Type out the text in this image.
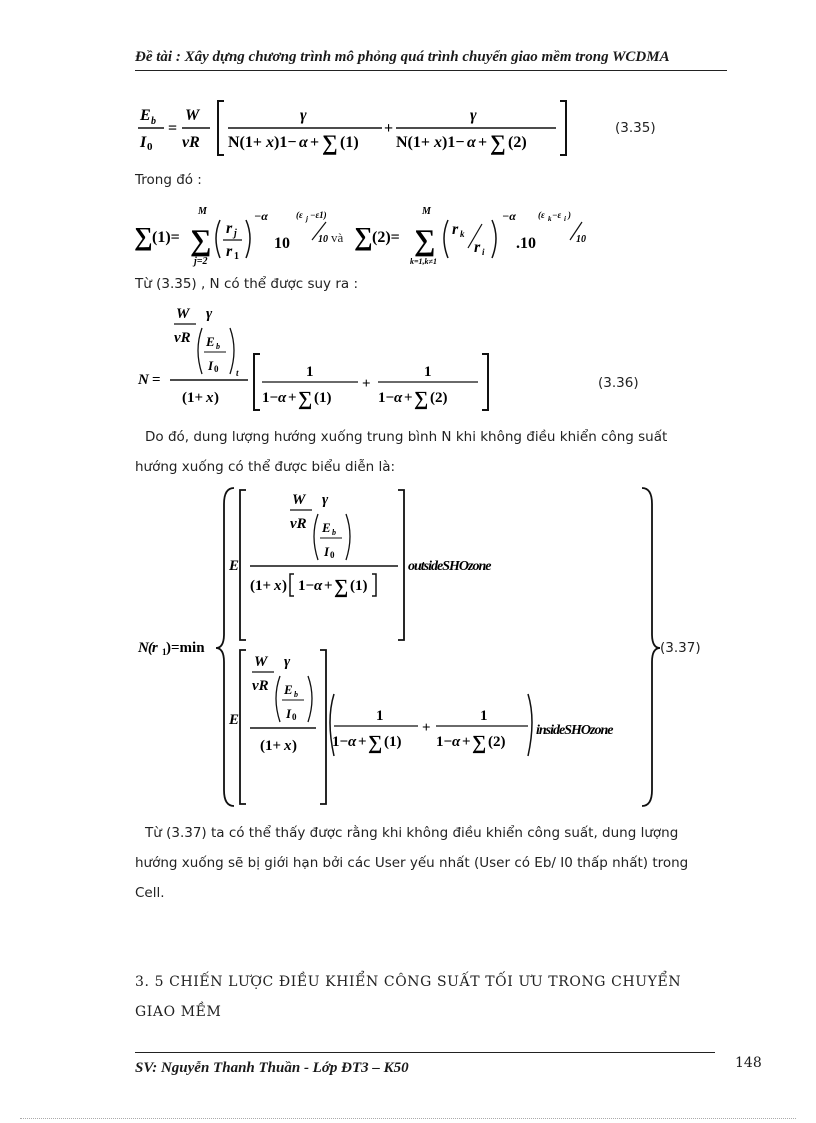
Đề tài : Xây dựng chương trình mô phỏng quá trình chuyển giao mềm trong WCDMA
E b
I 0
=
W
vR
γ
N(1+ x )1− α + ∑ (1)
+
γ
N(1+ x )1− α + ∑ (2)
(3.35)
Trong đó :
∑ (1)= ∑
M
j=2
r j
r 1
−α
10
(ε j −ε1)
10 và ∑ (2)= ∑
M
k=1,k≠1
r k
r i
−α
.10
(ε k −ε i )
10
Từ (3.35) , N có thể được suy ra :
W γ
vR E b
I 0 t
N =
(1+ x )
1
1− α + ∑ (1)
+
1
1− α + ∑ (2)
(3.36)
Do đó, dung lượng hướng xuống trung bình N khi không điều khiển công suất
hướng xuống có thể được biểu diễn là:
N(r 1 )=min
E
W γ
vR E b
I 0
(1+ x ) 1− α + ∑ (1)
outsideSHOzone
E
W γ
vR E b
I 0
(1+ x )
1
1− α + ∑ (1)
+
1
1− α + ∑ (2)
insideSHOzone
(3.37)
Từ (3.37) ta có thể thấy được rằng khi không điều khiển công suất, dung lượng
hướng xuống sẽ bị giới hạn bởi các User yếu nhất (User có Eb/ I0 thấp nhất) trong
Cell.
3. 5 CHIẾN LƯỢC ĐIỀU KHIỂN CÔNG SUẤT TỐI ƯU TRONG CHUYỂN
GIAO MỀM
SV: Nguyễn Thanh Thuần - Lớp ĐT3 – K50	148
